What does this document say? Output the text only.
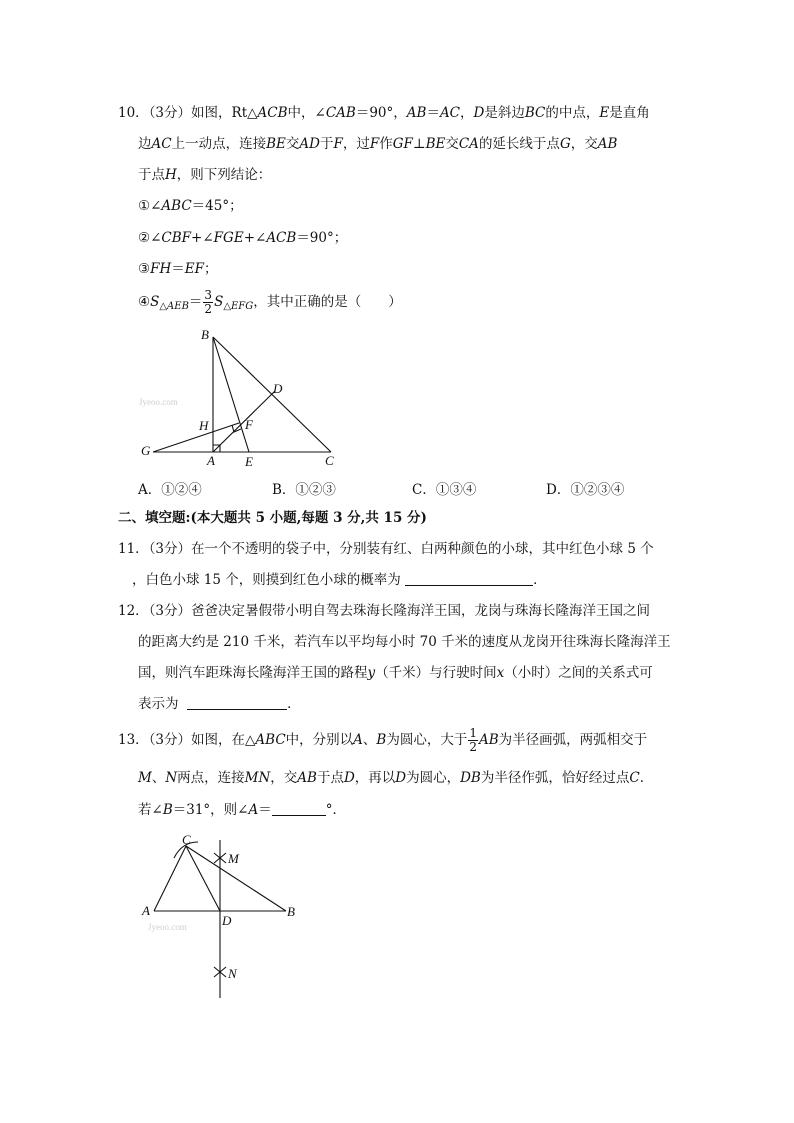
10．（3分）如图，Rt△ACB中，∠CAB＝90°，AB＝AC，D是斜边BC的中点，E是直角
边AC上一动点，连接BE交AD于F，过F作GF⊥BE交CA的延长线于点G，交AB
于点H，则下列结论：
①∠ABC＝45°；
②∠CBF+∠FGE+∠ACB＝90°；
③FH＝EF；
$④S_{\triangle AEB}= \frac{3}{2} S_{\triangle EFG}$，其中正确的是（　　）
B
D
H	F
G
A E	C
Jyeoo.com
A．①②④	B．①②③	C．①③④	D．①②③④
二、填空题:(本大题共 5 小题,每题 3 分,共 15 分)
11．（3分）在一个不透明的袋子中，分别装有红、白两种颜色的小球，其中红色小球 5 个
，白色小球 15 个，则摸到红色小球的概率为	．
12．（3分）爸爸决定暑假带小明自驾去珠海长隆海洋王国，龙岗与珠海长隆海洋王国之间
的距离大约是 210 千米，若汽车以平均每小时 70 千米的速度从龙岗开往珠海长隆海洋王
国，则汽车距珠海长隆海洋王国的路程y（千米）与行驶时间x（小时）之间的关系式可
表示为	．
13．（3分）如图，在△ABC中，分别以A、B为圆心，大于 $\frac{1}{2}$ AB为半径画弧，两弧相交于
M、N两点，连接MN，交AB于点D，再以D为圆心，DB为半径作弧，恰好经过点C．
若∠B＝31°，则∠A＝	°．
C
M
A
D
B
N
Jyeoo.com
